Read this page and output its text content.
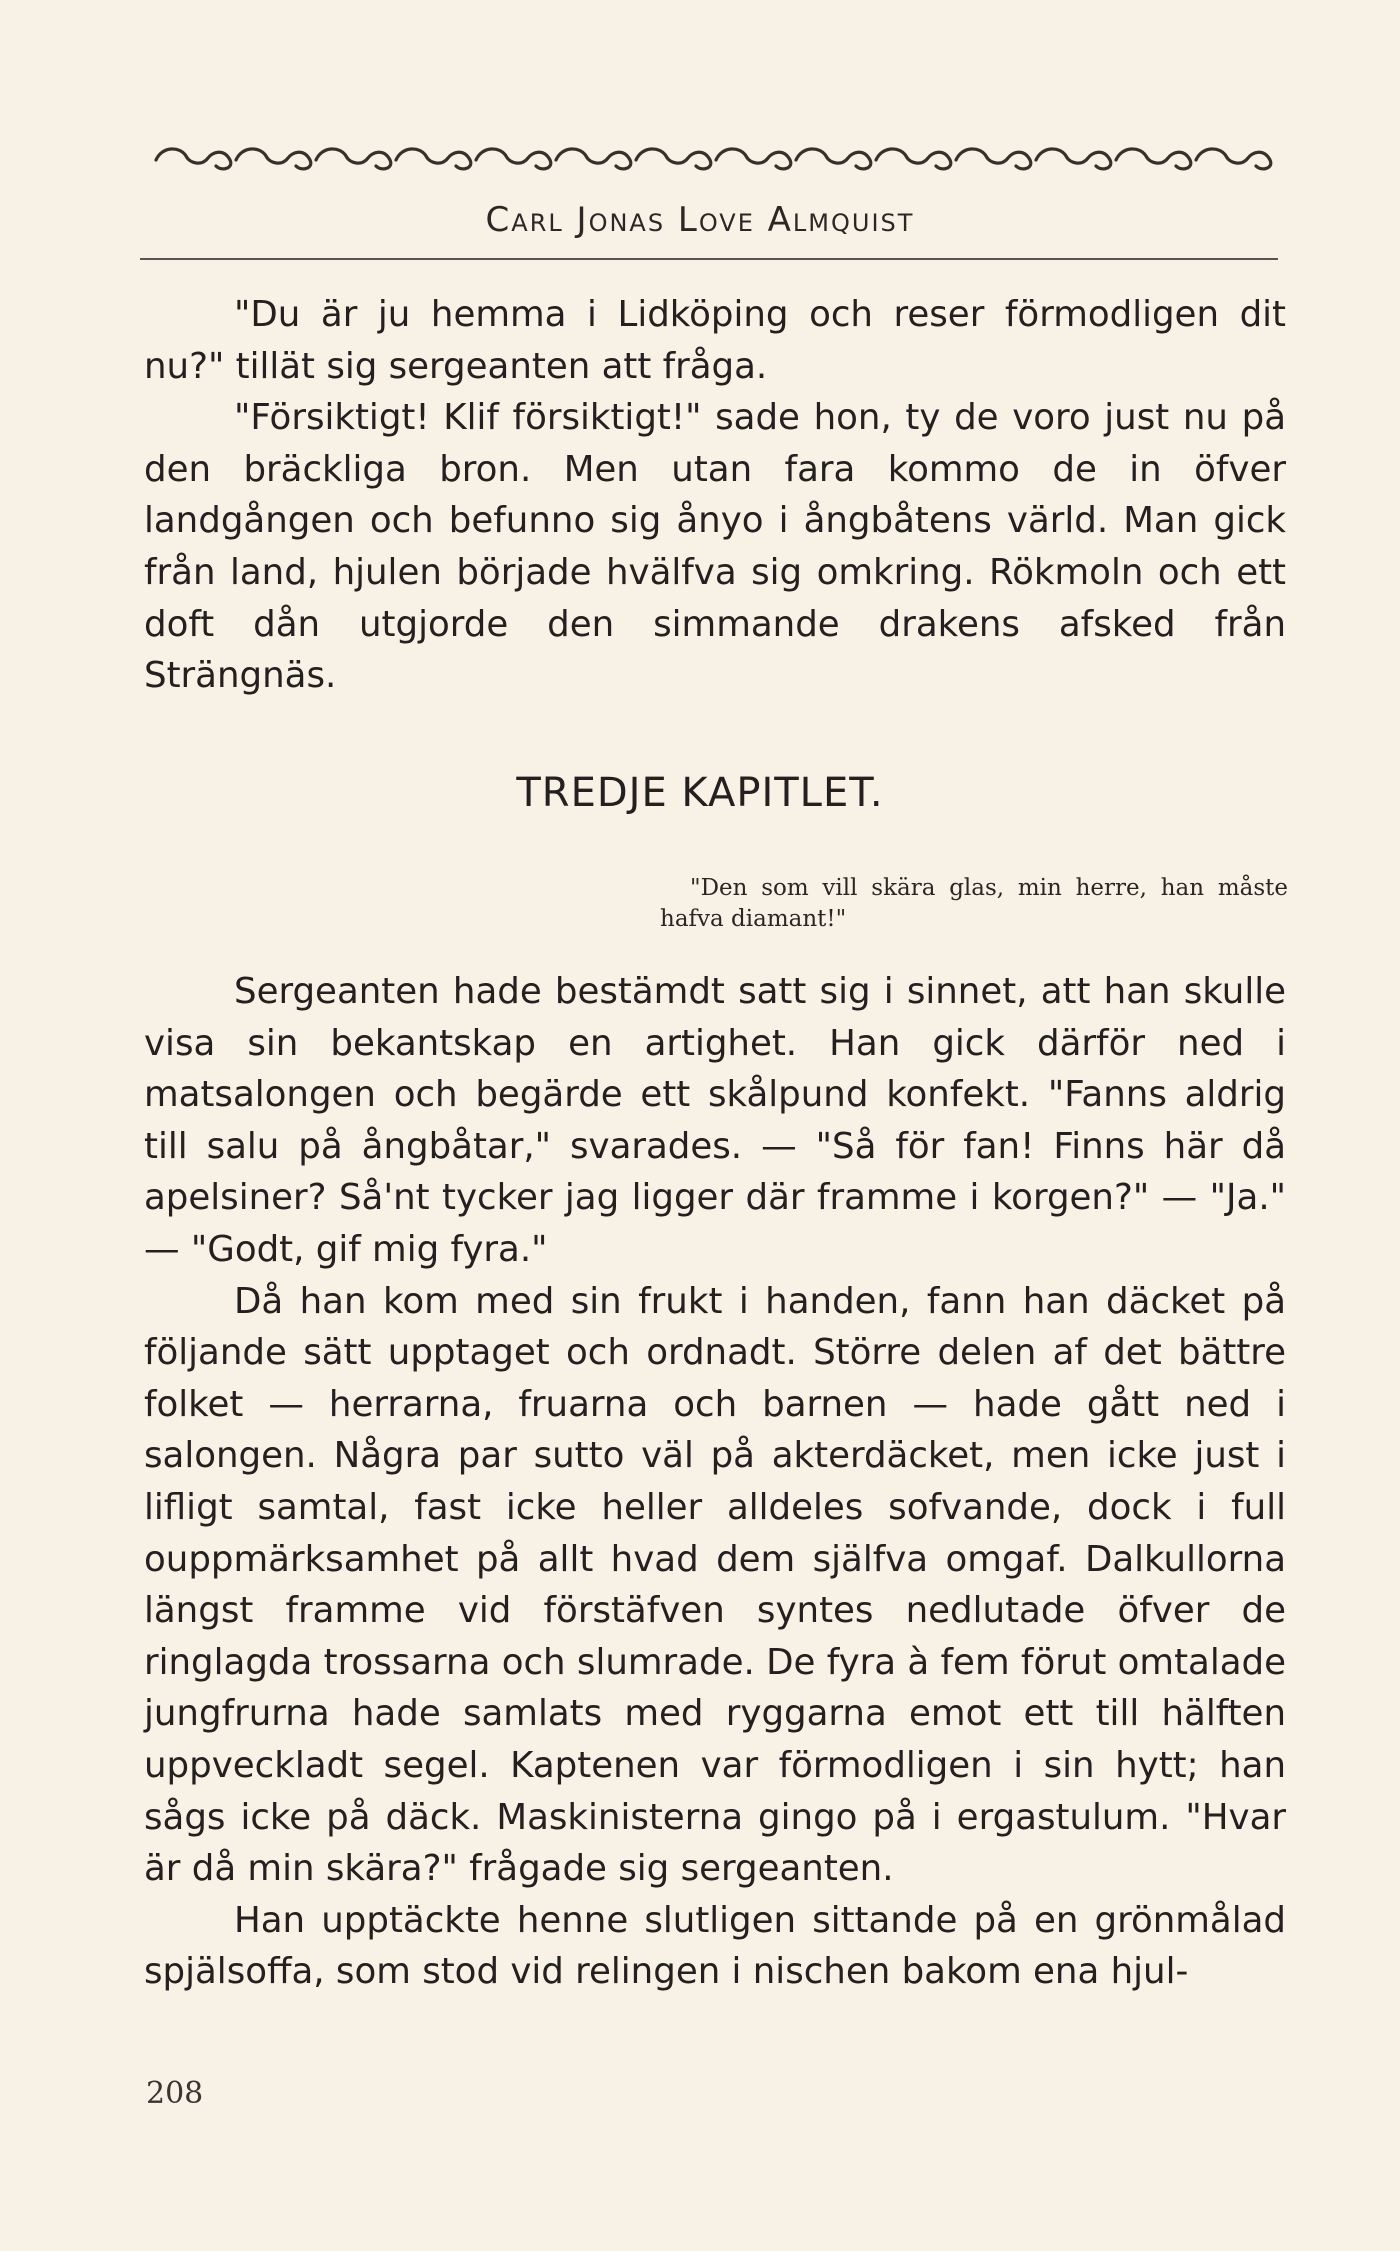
Carl Jonas Love Almquist

"Du är ju hemma i Lidköping och reser förmodligen dit nu?" tillät sig sergeanten att fråga.

"Försiktigt! Klif försiktigt!" sade hon, ty de voro just nu på den bräckliga bron. Men utan fara kommo de in öfver landgången och befunno sig ånyo i ångbåtens värld. Man gick från land, hjulen började hvälfva sig omkring. Rökmoln och ett doft dån utgjorde den simmande drakens afsked från Strängnäs.

TREDJE KAPITLET.

"Den som vill skära glas, min herre, han måste hafva diamant!"

Sergeanten hade bestämdt satt sig i sinnet, att han skulle visa sin bekantskap en artighet. Han gick därför ned i matsalongen och begärde ett skålpund konfekt. "Fanns aldrig till salu på ångbåtar," svarades. — "Så för fan! Finns här då apelsiner? Så'nt tycker jag ligger där framme i korgen?" — "Ja." — "Godt, gif mig fyra."

Då han kom med sin frukt i handen, fann han däcket på följande sätt upptaget och ordnadt. Större delen af det bättre folket — herrarna, fruarna och barnen — hade gått ned i salongen. Några par sutto väl på akterdäcket, men icke just i lifligt samtal, fast icke heller alldeles sofvande, dock i full ouppmärksamhet på allt hvad dem själfva omgaf. Dalkullorna längst framme vid förstäfven syntes nedlutade öfver de ringlagda trossarna och slumrade. De fyra à fem förut omtalade jungfrurna hade samlats med ryggarna emot ett till hälften uppveckladt segel. Kaptenen var förmodligen i sin hytt; han sågs icke på däck. Maskinisterna gingo på i ergastulum. "Hvar är då min skära?" frågade sig sergeanten.

Han upptäckte henne slutligen sittande på en grönmålad spjälsoffa, som stod vid relingen i nischen bakom ena hjul-

208
